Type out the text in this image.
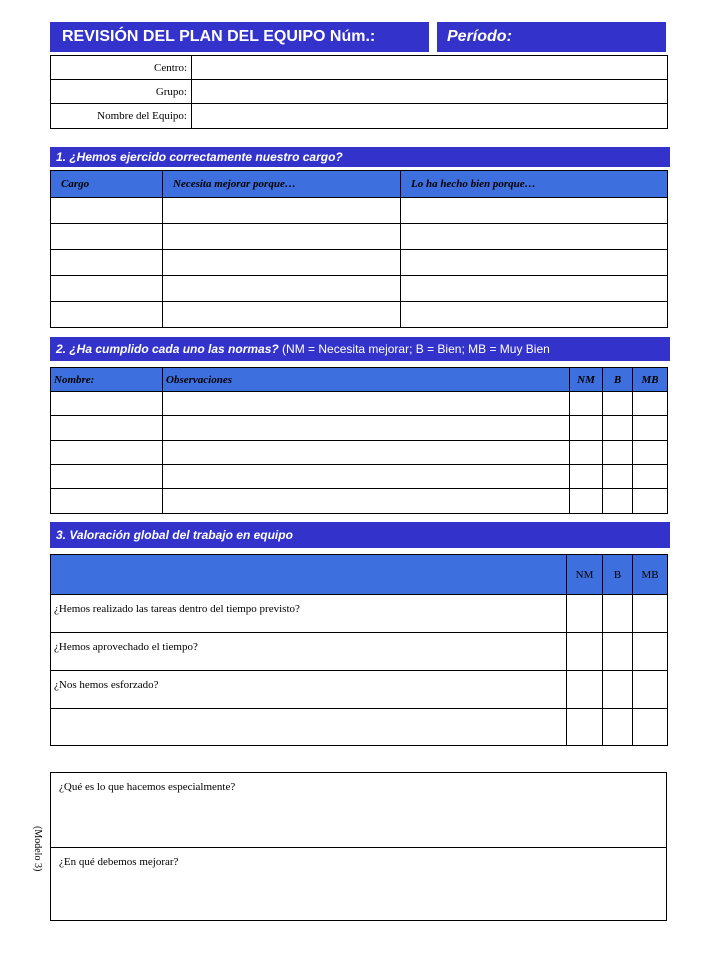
REVISIÓN DEL PLAN DEL EQUIPO Núm.:	Período:
Centro:	
Grupo:	
Nombre del Equipo:	
1. ¿Hemos ejercido correctamente nuestro cargo?
Cargo	Necesita mejorar porque…	Lo ha hecho bien porque…

2. ¿Ha cumplido cada uno las normas? (NM = Necesita mejorar; B = Bien; MB = Muy Bien
Nombre:	Observaciones	NM	B	MB

3. Valoración global del trabajo en equipo
	NM	B	MB
¿Hemos realizado las tareas dentro del tiempo previsto?			
¿Hemos aprovechado el tiempo?			
¿Nos hemos esforzado?			

¿Qué es lo que hacemos especialmente?
¿En qué debemos mejorar?
(Modelo 3)
